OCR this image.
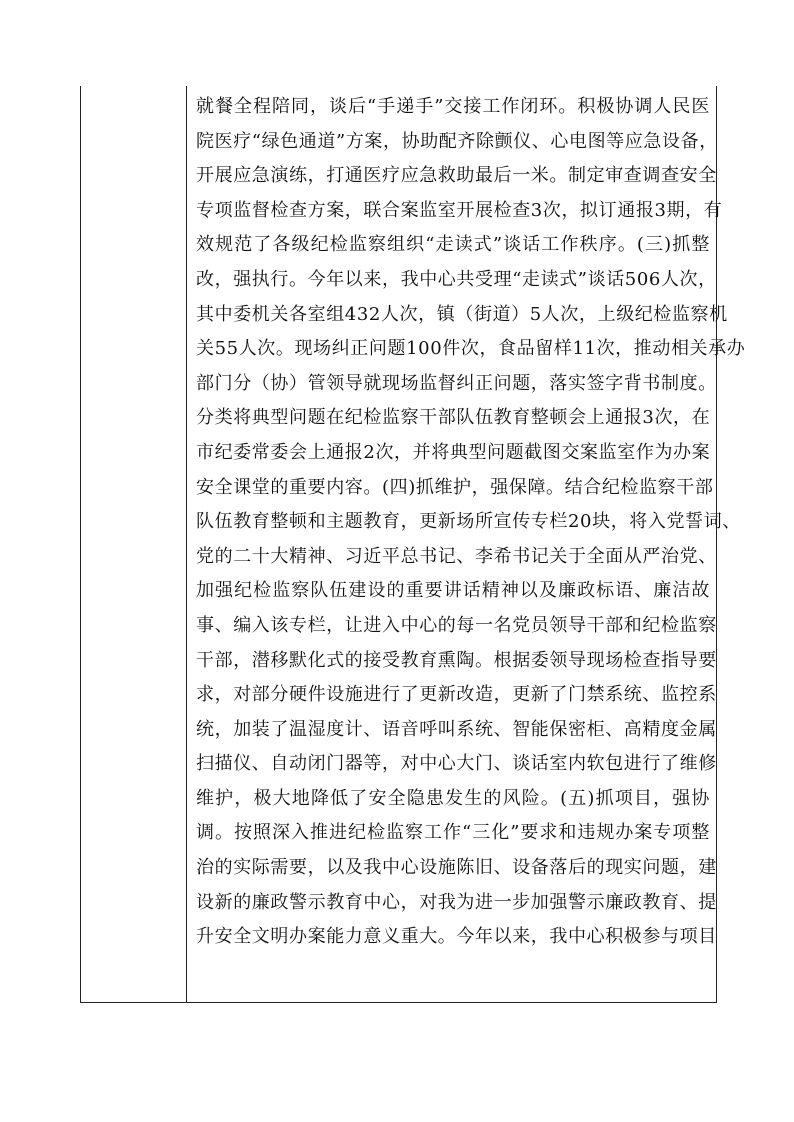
就餐全程陪同，谈后“手递手”交接工作闭环。积极协调人民医
院医疗“绿色通道”方案，协助配齐除颤仪、心电图等应急设备，
开展应急演练，打通医疗应急救助最后一米。制定审查调查安全
专项监督检查方案，联合案监室开展检查3次，拟订通报3期，有
效规范了各级纪检监察组织“走读式”谈话工作秩序。(三)抓整
改，强执行。今年以来，我中心共受理“走读式”谈话506人次，
其中委机关各室组432人次，镇（街道）5人次，上级纪检监察机
关55人次。现场纠正问题100件次，食品留样11次，推动相关承办
部门分（协）管领导就现场监督纠正问题，落实签字背书制度。
分类将典型问题在纪检监察干部队伍教育整顿会上通报3次，在
市纪委常委会上通报2次，并将典型问题截图交案监室作为办案
安全课堂的重要内容。(四)抓维护，强保障。结合纪检监察干部
队伍教育整顿和主题教育，更新场所宣传专栏20块，将入党誓词、
党的二十大精神、习近平总书记、李希书记关于全面从严治党、
加强纪检监察队伍建设的重要讲话精神以及廉政标语、廉洁故
事、编入该专栏，让进入中心的每一名党员领导干部和纪检监察
干部，潜移默化式的接受教育熏陶。根据委领导现场检查指导要
求，对部分硬件设施进行了更新改造，更新了门禁系统、监控系
统，加装了温湿度计、语音呼叫系统、智能保密柜、高精度金属
扫描仪、自动闭门器等，对中心大门、谈话室内软包进行了维修
维护，极大地降低了安全隐患发生的风险。(五)抓项目，强协
调。按照深入推进纪检监察工作“三化”要求和违规办案专项整
治的实际需要，以及我中心设施陈旧、设备落后的现实问题，建
设新的廉政警示教育中心，对我为进一步加强警示廉政教育、提
升安全文明办案能力意义重大。今年以来，我中心积极参与项目
